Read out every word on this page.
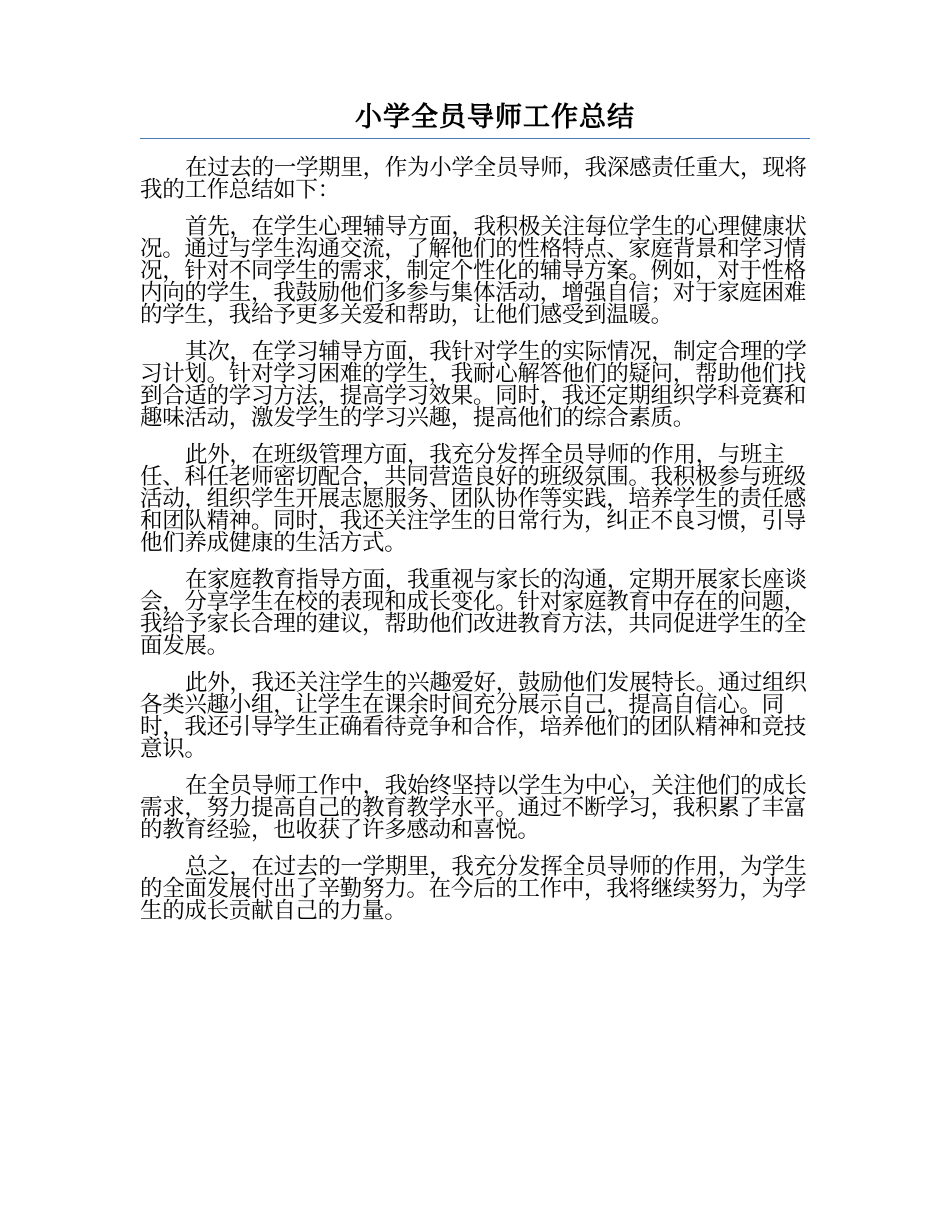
小学全员导师工作总结

在过去的一学期里，作为小学全员导师，我深感责任重大，现将我的工作总结如下：

首先，在学生心理辅导方面，我积极关注每位学生的心理健康状况。通过与学生沟通交流，了解他们的性格特点、家庭背景和学习情况，针对不同学生的需求，制定个性化的辅导方案。例如，对于性格内向的学生，我鼓励他们多参与集体活动，增强自信；对于家庭困难的学生，我给予更多关爱和帮助，让他们感受到温暖。

其次，在学习辅导方面，我针对学生的实际情况，制定合理的学习计划。针对学习困难的学生，我耐心解答他们的疑问，帮助他们找到合适的学习方法，提高学习效果。同时，我还定期组织学科竞赛和趣味活动，激发学生的学习兴趣，提高他们的综合素质。

此外，在班级管理方面，我充分发挥全员导师的作用，与班主任、科任老师密切配合，共同营造良好的班级氛围。我积极参与班级活动，组织学生开展志愿服务、团队协作等实践，培养学生的责任感和团队精神。同时，我还关注学生的日常行为，纠正不良习惯，引导他们养成健康的生活方式。

在家庭教育指导方面，我重视与家长的沟通，定期开展家长座谈会，分享学生在校的表现和成长变化。针对家庭教育中存在的问题，我给予家长合理的建议，帮助他们改进教育方法，共同促进学生的全面发展。

此外，我还关注学生的兴趣爱好，鼓励他们发展特长。通过组织各类兴趣小组，让学生在课余时间充分展示自己，提高自信心。同时，我还引导学生正确看待竞争和合作，培养他们的团队精神和竞技意识。

在全员导师工作中，我始终坚持以学生为中心，关注他们的成长需求，努力提高自己的教育教学水平。通过不断学习，我积累了丰富的教育经验，也收获了许多感动和喜悦。

总之，在过去的一学期里，我充分发挥全员导师的作用，为学生的全面发展付出了辛勤努力。在今后的工作中，我将继续努力，为学生的成长贡献自己的力量。
